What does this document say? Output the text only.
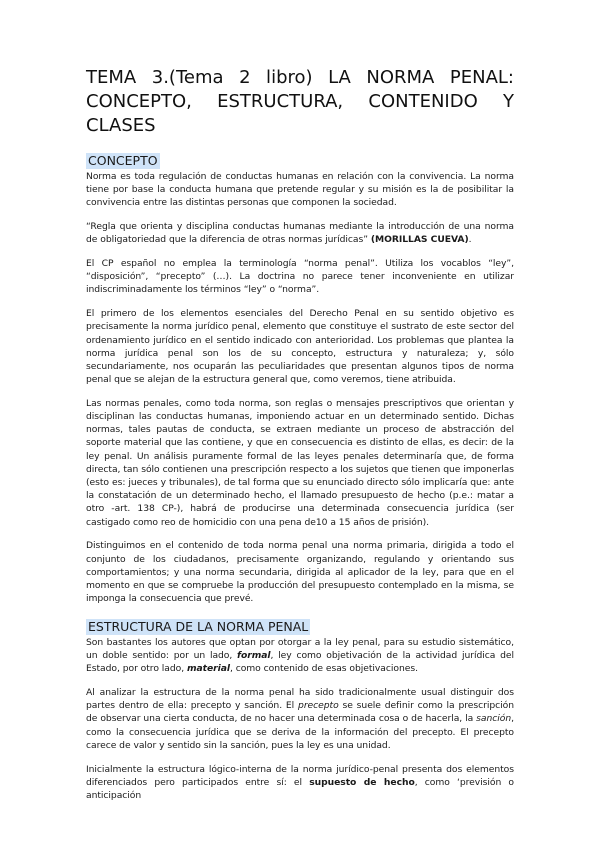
TEMA 3.(Tema 2 libro) LA NORMA PENAL:
CONCEPTO, ESTRUCTURA, CONTENIDO Y CLASES
CONCEPTO

Norma es toda regulación de conductas humanas en relación con la convivencia. La norma tiene por base la conducta humana que pretende regular y su misión es la de posibilitar la convivencia entre las distintas personas que componen la sociedad.

“Regla que orienta y disciplina conductas humanas mediante la introducción de una norma de obligatoriedad que la diferencia de otras normas jurídicas” (MORILLAS CUEVA).

El CP español no emplea la terminología “norma penal”. Utiliza los vocablos “ley”, “disposición”, “precepto” (…). La doctrina no parece tener inconveniente en utilizar indiscriminadamente los términos “ley” o “norma”.

El primero de los elementos esenciales del Derecho Penal en su sentido objetivo es precisamente la norma jurídico penal, elemento que constituye el sustrato de este sector del ordenamiento jurídico en el sentido indicado con anterioridad. Los problemas que plantea la norma jurídica penal son los de su concepto, estructura y naturaleza; y, sólo secundariamente, nos ocuparán las peculiaridades que presentan algunos tipos de norma penal que se alejan de la estructura general que, como veremos, tiene atribuida.

Las normas penales, como toda norma, son reglas o mensajes prescriptivos que orientan y disciplinan las conductas humanas, imponiendo actuar en un determinado sentido. Dichas normas, tales pautas de conducta, se extraen mediante un proceso de abstracción del soporte material que las contiene, y que en consecuencia es distinto de ellas, es decir: de la ley penal. Un análisis puramente formal de las leyes penales determinaría que, de forma directa, tan sólo contienen una prescripción respecto a los sujetos que tienen que imponerlas (esto es: jueces y tribunales), de tal forma que su enunciado directo sólo implicaría que: ante la constatación de un determinado hecho, el llamado presupuesto de hecho (p.e.: matar a otro -art. 138 CP-), habrá de producirse una determinada consecuencia jurídica (ser castigado como reo de homicidio con una pena de10 a 15 años de prisión).

Distinguimos en el contenido de toda norma penal una norma primaria, dirigida a todo el conjunto de los ciudadanos, precisamente organizando, regulando y orientando sus comportamientos; y una norma secundaria, dirigida al aplicador de la ley, para que en el momento en que se compruebe la producción del presupuesto contemplado en la misma, se imponga la consecuencia que prevé.

ESTRUCTURA DE LA NORMA PENAL

Son bastantes los autores que optan por otorgar a la ley penal, para su estudio sistemático, un doble sentido: por un lado, formal, ley como objetivación de la actividad jurídica del Estado, por otro lado, material, como contenido de esas objetivaciones.

Al analizar la estructura de la norma penal ha sido tradicionalmente usual distinguir dos partes dentro de ella: precepto y sanción. El precepto se suele definir como la prescripción de observar una cierta conducta, de no hacer una determinada cosa o de hacerla, la sanción, como la consecuencia jurídica que se deriva de la información del precepto. El precepto carece de valor y sentido sin la sanción, pues la ley es una unidad.

Inicialmente la estructura lógico-interna de la norma jurídico-penal presenta dos elementos diferenciados pero participados entre sí: el supuesto de hecho, como ‘previsión o anticipación
